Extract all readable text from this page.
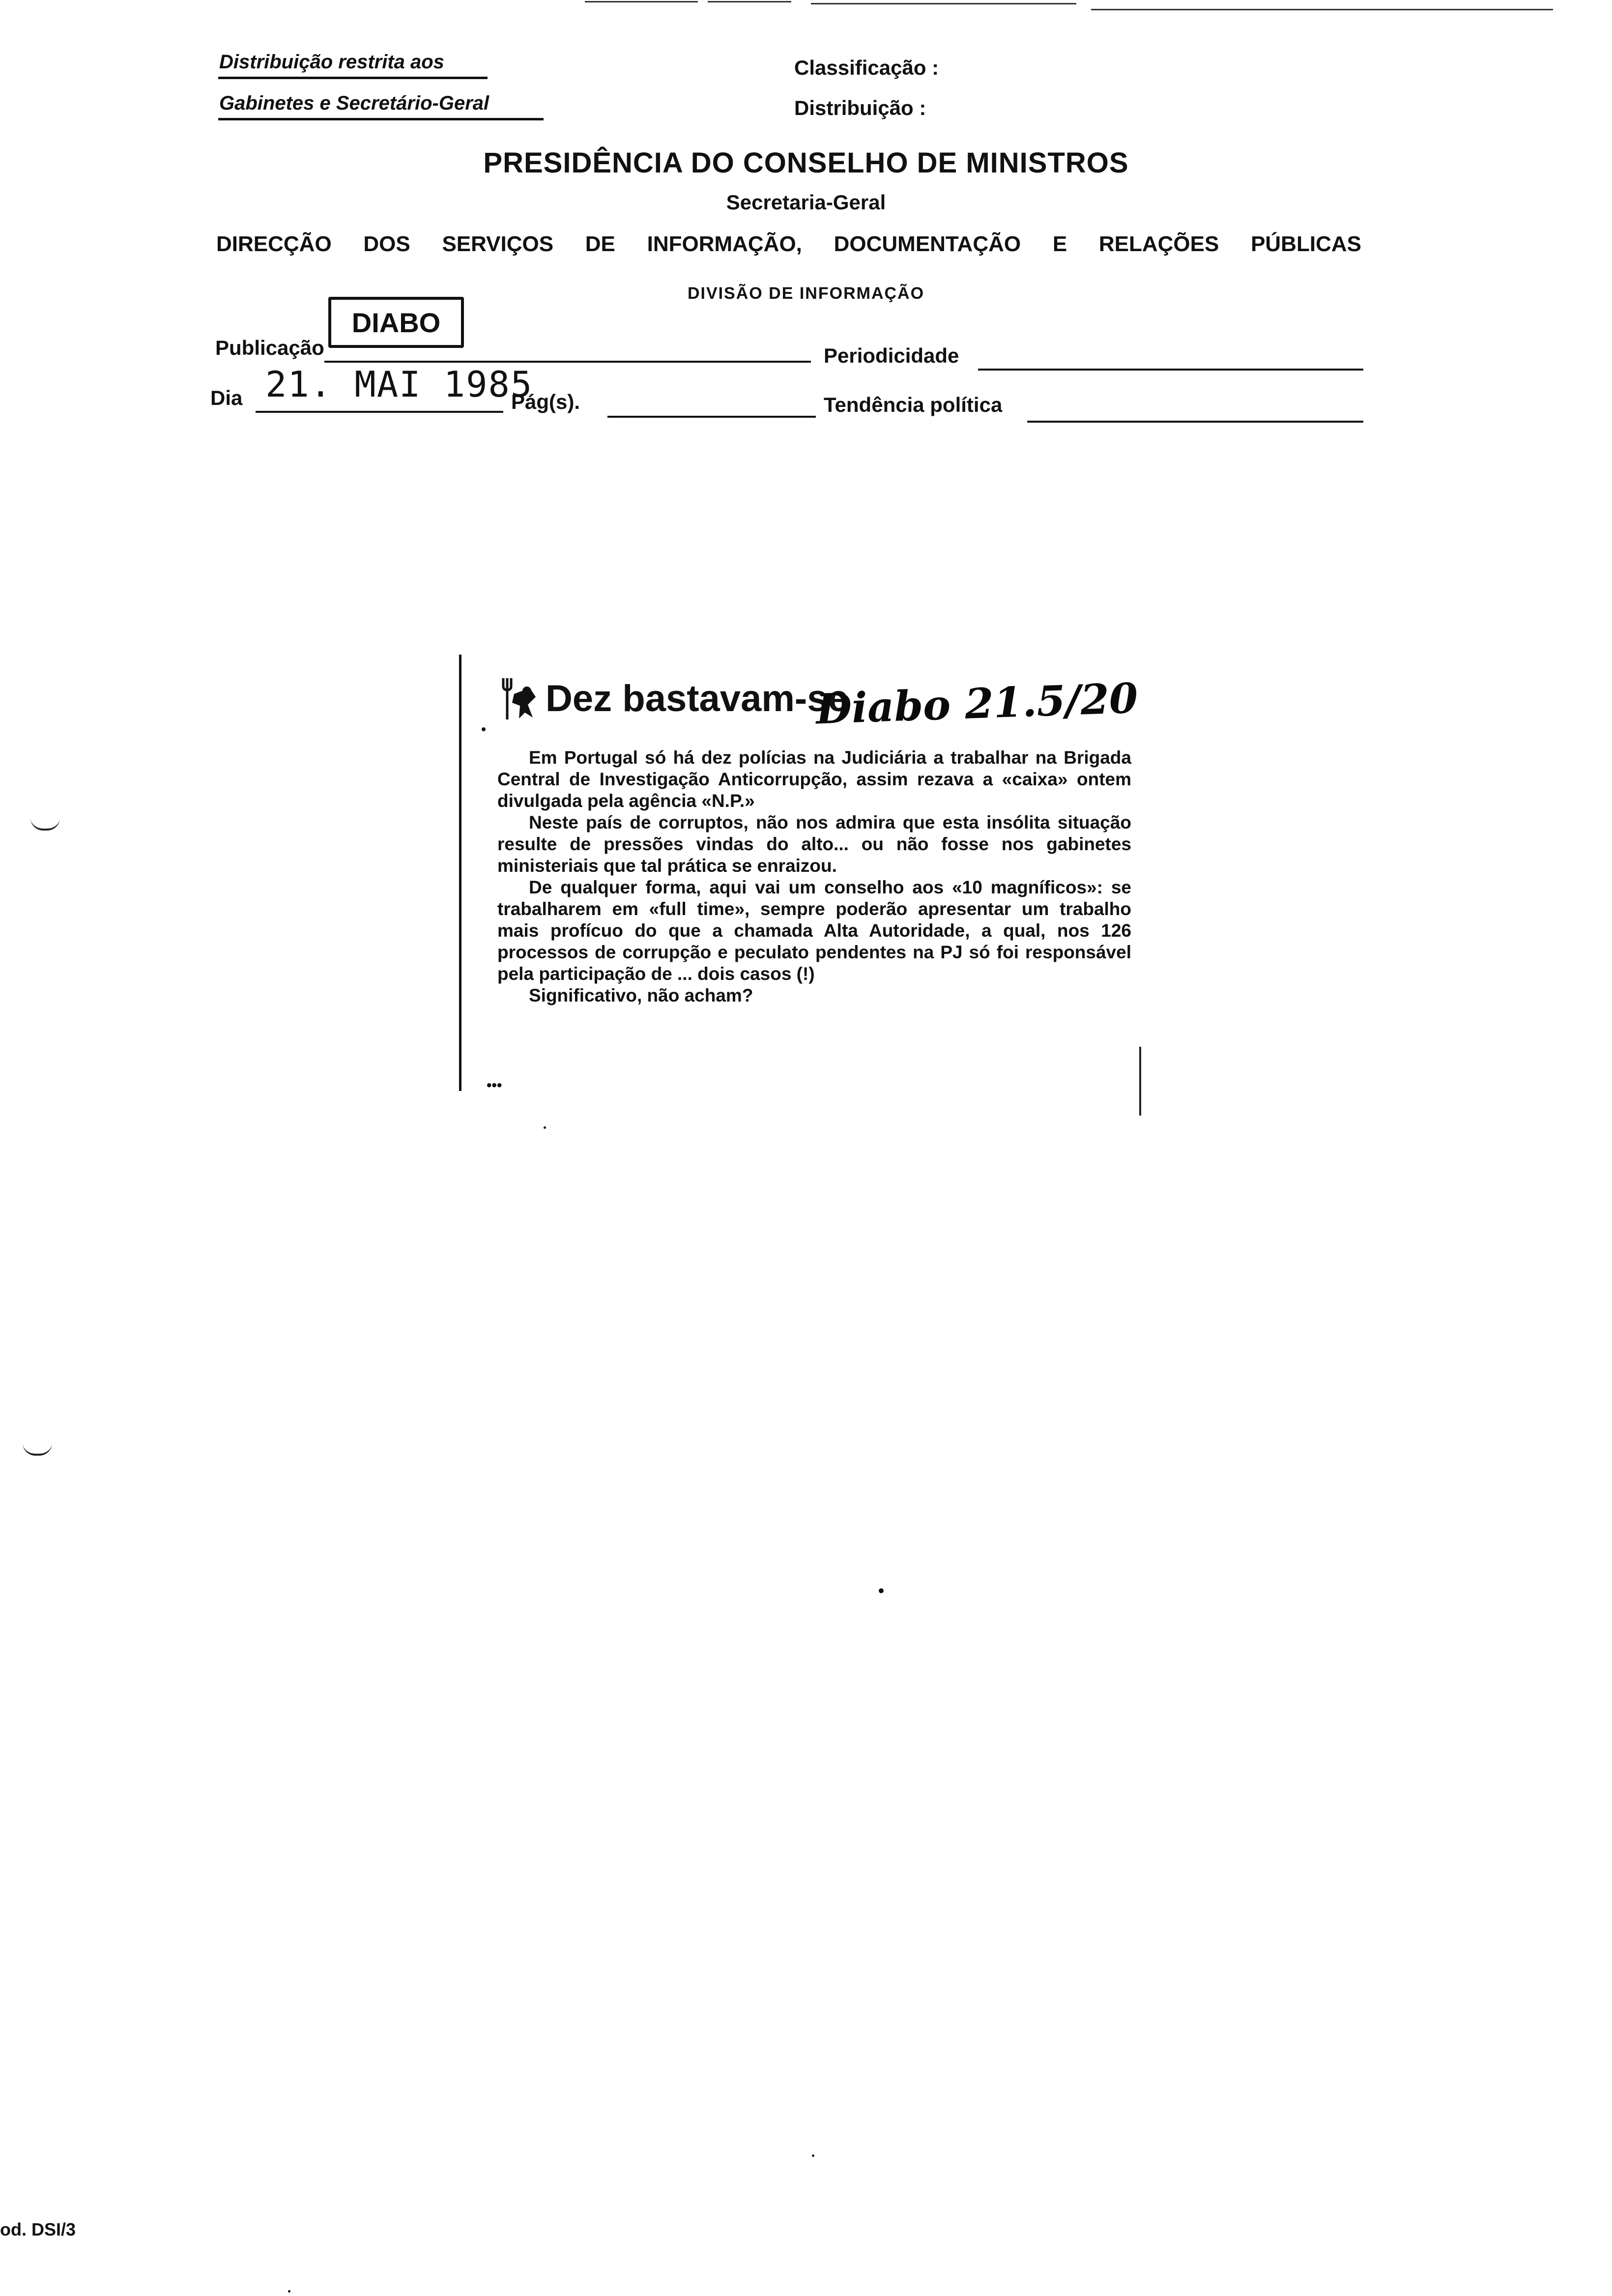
Distribuição restrita aos
Gabinetes e Secretário-Geral
Classificação :
Distribuição :
PRESIDÊNCIA DO CONSELHO DE MINISTROS
Secretaria-Geral
DIRECÇÃO DOS SERVIÇOS DE INFORMAÇÃO, DOCUMENTAÇÃO E RELAÇÕES PÚBLICAS
DIVISÃO DE INFORMAÇÃO
DIABO
Publicação	Periodicidade
Dia 21. MAI 1985
Pág(s).	Tendência política
Dez bastavam-se
Diabo 21.5/20

Em Portugal só há dez polícias na Judiciária a trabalhar na Brigada Central de Investigação Anticorrupção, assim rezava a «caixa» ontem divulgada pela agência «N.P.»

Neste país de corruptos, não nos admira que esta insólita situação resulte de pressões vindas do alto... ou não fosse nos gabinetes ministeriais que tal prática se enraizou.

De qualquer forma, aqui vai um conselho aos «10 magníficos»: se trabalharem em «full time», sempre poderão apresentar um trabalho mais profícuo do que a chamada Alta Autoridade, a qual, nos 126 processos de corrupção e peculato pendentes na PJ só foi responsável pela participação de ... dois casos (!)

Significativo, não acham?

•••
od. DSI/3
